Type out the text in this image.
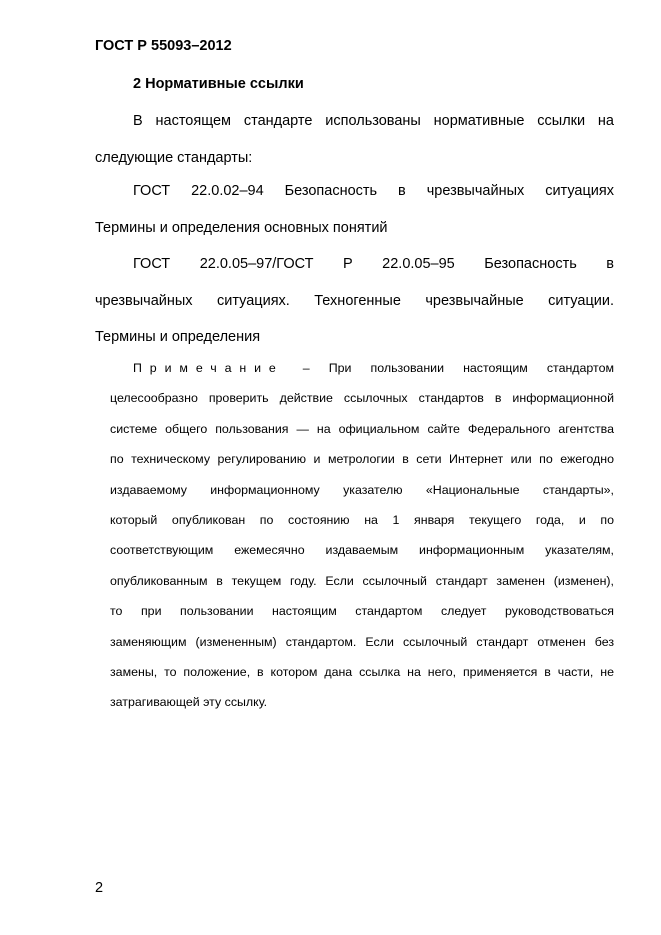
ГОСТ Р 55093–2012
2 Нормативные ссылки
В настоящем стандарте использованы нормативные ссылки на
следующие стандарты:
ГОСТ 22.0.02–94 Безопасность в чрезвычайных ситуациях
Термины и определения основных понятий
ГОСТ 22.0.05–97/ГОСТ Р 22.0.05–95 Безопасность в
чрезвычайных ситуациях. Техногенные чрезвычайные ситуации.
Термины и определения
Примечание – При пользовании настоящим стандартом
целесообразно проверить действие ссылочных стандартов в информационной
системе общего пользования — на официальном сайте Федерального агентства
по техническому регулированию и метрологии в сети Интернет или по ежегодно
издаваемому информационному указателю «Национальные стандарты»,
который опубликован по состоянию на 1 января текущего года, и по
соответствующим ежемесячно издаваемым информационным указателям,
опубликованным в текущем году. Если ссылочный стандарт заменен (изменен),
то при пользовании настоящим стандартом следует руководствоваться
заменяющим (измененным) стандартом. Если ссылочный стандарт отменен без
замены, то положение, в котором дана ссылка на него, применяется в части, не
затрагивающей эту ссылку.
2
